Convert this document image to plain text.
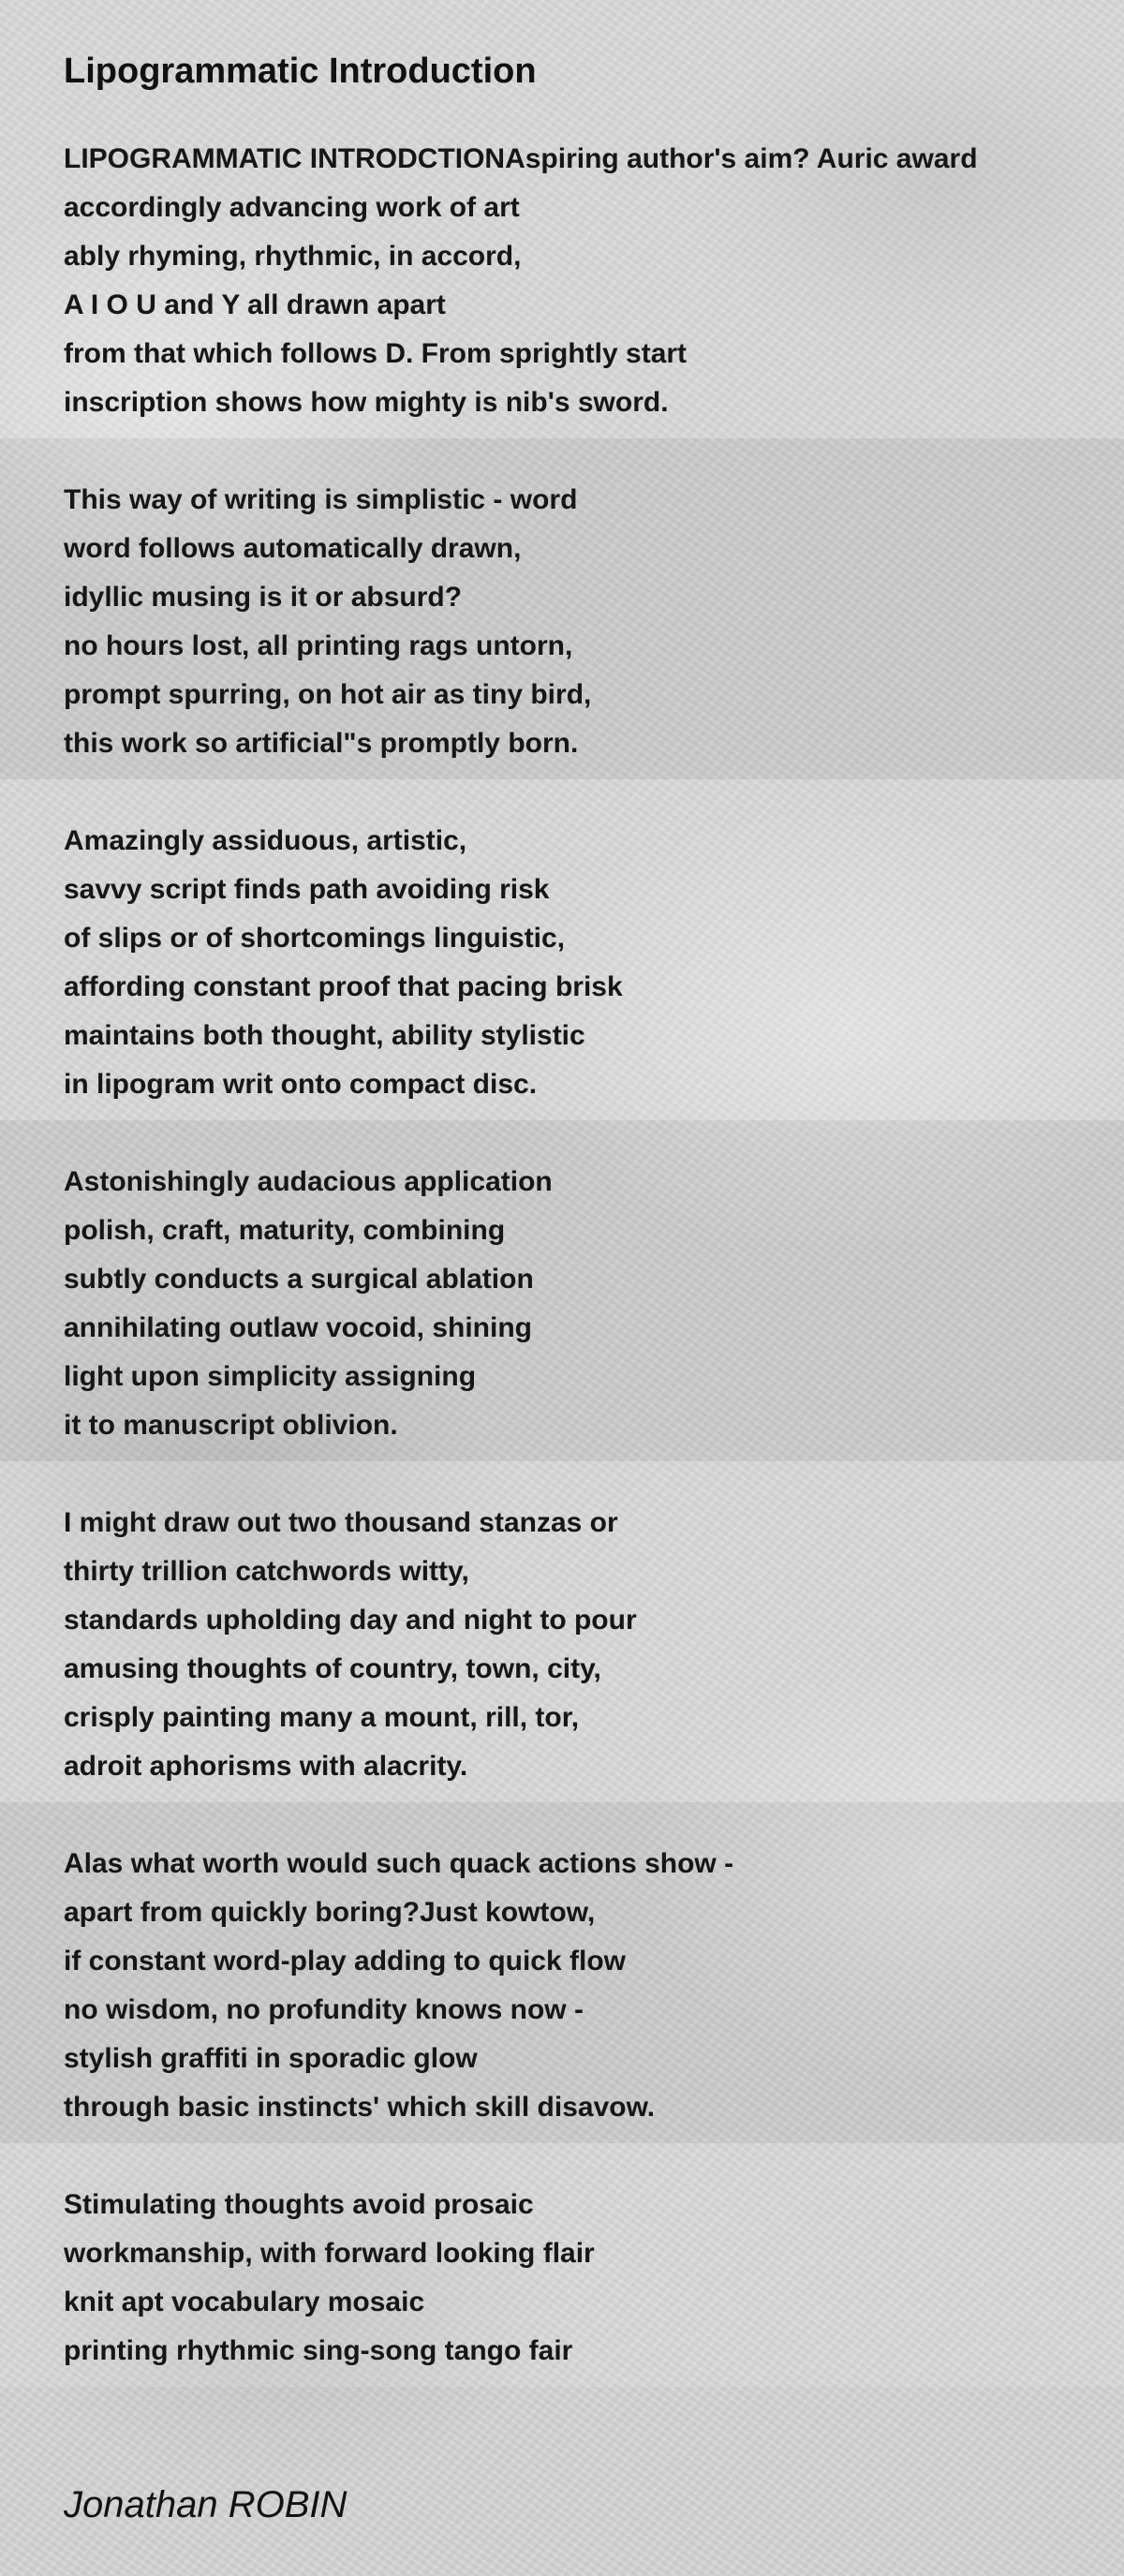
Lipogrammatic Introduction
LIPOGRAMMATIC INTRODCTIONAspiring author's aim? Auric award
accordingly advancing work of art
ably rhyming, rhythmic, in accord,
A I O U and Y all drawn apart
from that which follows D. From sprightly start
inscription shows how mighty is nib's sword.
This way of writing is simplistic - word
word follows automatically drawn,
idyllic musing is it or absurd?
no hours lost, all printing rags untorn,
prompt spurring, on hot air as tiny bird,
this work so artificial"s promptly born.
Amazingly assiduous, artistic,
savvy script finds path avoiding risk
of slips or of shortcomings linguistic,
affording constant proof that pacing brisk
maintains both thought, ability stylistic
in lipogram writ onto compact disc.
Astonishingly audacious application
polish, craft, maturity, combining
subtly conducts a surgical ablation
annihilating outlaw vocoid, shining
light upon simplicity assigning
it to manuscript oblivion.
I might draw out two thousand stanzas or
thirty trillion catchwords witty,
standards upholding day and night to pour
amusing thoughts of country, town, city,
crisply painting many a mount, rill, tor,
adroit aphorisms with alacrity.
Alas what worth would such quack actions show -
apart from quickly boring?Just kowtow,
if constant word-play adding to quick flow
no wisdom, no profundity knows now -
stylish graffiti in sporadic glow
through basic instincts' which skill disavow.
Stimulating thoughts avoid prosaic
workmanship, with forward looking flair
knit apt vocabulary mosaic
printing rhythmic sing-song tango fair
Jonathan ROBIN
